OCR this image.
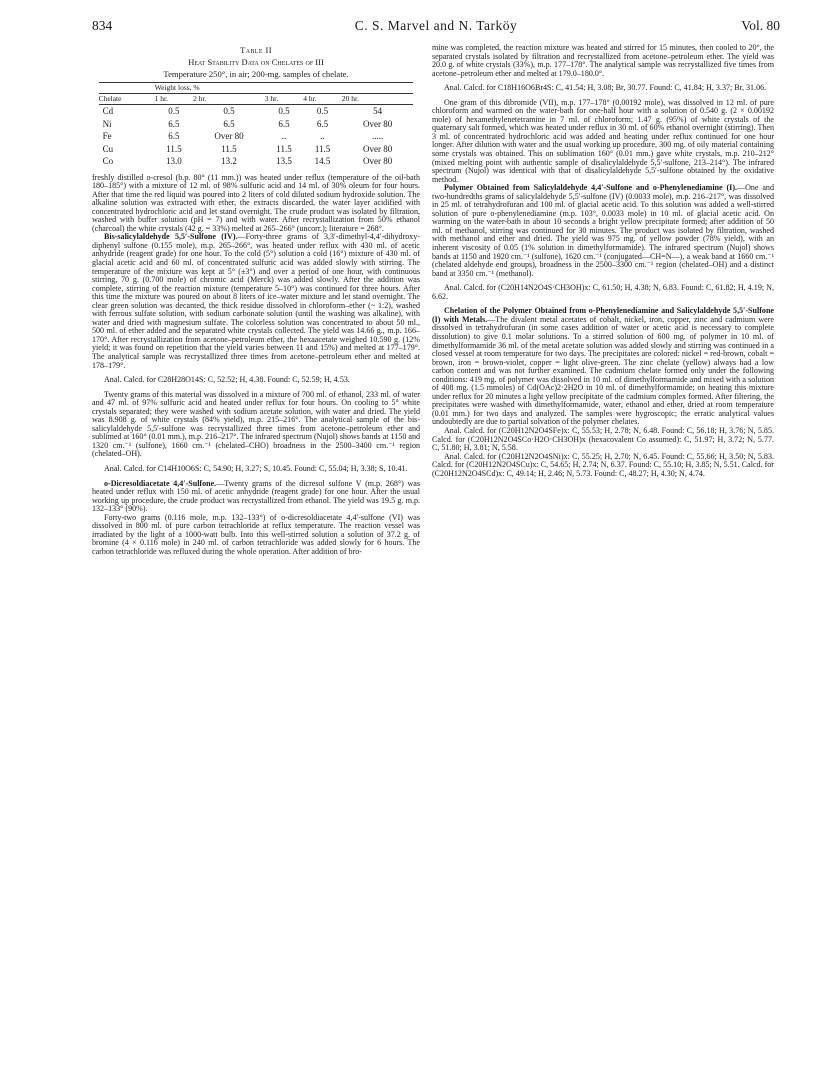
834	C. S. Marvel and N. Tarköy	Vol. 80
Table II
Heat Stability Data on Chelates of III
Temperature 250°, in air; 200-mg. samples of chelate.
	Weight loss, %				
Chelate	1 hr.	2 hr.	3 hr.	4 hr.	20 hr.
Cd	0.5	0.5	0.5	0.5	54
Ni	6.5	6.5	6.5	6.5	Over 80
Fe	6.5	Over 80	..	..	.....
Cu	11.5	11.5	11.5	11.5	Over 80
Co	13.0	13.2	13.5	14.5	Over 80

freshly distilled o-cresol (b.p. 80° (11 mm.)) was heated under reflux (temperature of the oil-bath 180–185°) with a mixture of 12 ml. of 98% sulfuric acid and 14 ml. of 30% oleum for four hours. After that time the red liquid was poured into 2 liters of cold diluted sodium hydroxide solution. The alkaline solution was extracted with ether, the extracts discarded, the water layer acidified with concentrated hydrochloric acid and let stand overnight. The crude product was isolated by filtration, washed with buffer solution (pH = 7) and with water. After recrystallization from 50% ethanol (charcoal) the white crystals (42 g. = 33%) melted at 265–266° (uncorr.); literature = 268°.

Bis-salicylaldehyde 5,5′-Sulfone (IV).—Forty-three grams of 3,3′-dimethyl-4,4′-dihydroxy-diphenyl sulfone (0.155 mole), m.p. 265–266°, was heated under reflux with 430 ml. of acetic anhydride (reagent grade) for one hour. To the cold (5°) solution a cold (16°) mixture of 430 ml. of glacial acetic acid and 60 ml. of concentrated sulfuric acid was added slowly with stirring. The temperature of the mixture was kept at 5° (±3°) and over a period of one hour, with continuous stirring, 70 g. (0.700 mole) of chromic acid (Merck) was added slowly. After the addition was complete, stirring of the reaction mixture (temperature 5–10°) was continued for three hours. After this time the mixture was poured on about 8 liters of ice–water mixture and let stand overnight. The clear green solution was decanted, the thick residue dissolved in chloroform–ether (~ 1:2), washed with ferrous sulfate solution, with sodium carbonate solution (until the washing was alkaline), with water and dried with magnesium sulfate. The colorless solution was concentrated to about 50 ml., 500 ml. of ether added and the separated white crystals collected. The yield was 14.66 g., m.p. 166–170°. After recrystallization from acetone–petroleum ether, the hexaacetate weighed 10.590 g. (12% yield; it was found on repetition that the yield varies between 11 and 15%) and melted at 177–179°. The analytical sample was recrystallized three times from acetone–petroleum ether and melted at 178–179°.

Anal. Calcd. for C28H28O14S: C, 52.52; H, 4.38. Found: C, 52.59; H, 4.53.

Twenty grams of this material was dissolved in a mixture of 700 ml. of ethanol, 233 ml. of water and 47 ml. of 97% sulfuric acid and heated under reflux for four hours. On cooling to 5° white crystals separated; they were washed with sodium acetate solution, with water and dried. The yield was 8.908 g. of white crystals (84% yield), m.p. 215–216°. The analytical sample of the bis-salicylaldehyde 5,5′-sulfone was recrystallized three times from acetone–petroleum ether and sublimed at 160° (0.01 mm.), m.p. 216–217°. The infrared spectrum (Nujol) shows bands at 1150 and 1320 cm.⁻¹ (sulfone), 1660 cm.⁻¹ (chelated–CHO) broadness in the 2500–3400 cm.⁻¹ region (chelated–OH).

Anal. Calcd. for C14H10O6S: C, 54.90; H, 3.27; S, 10.45. Found: C, 55.04; H, 3.38; S, 10.41.

o-Dicresoldiacetate 4,4′-Sulfone.—Twenty grams of the dicresol sulfone V (m.p. 268°) was heated under reflux with 150 ml. of acetic anhydride (reagent grade) for one hour. After the usual working up procedure, the crude product was recrystallized from ethanol. The yield was 19.5 g. m.p. 132–133° (90%).

Forty-two grams (0.116 mole, m.p. 132–133°) of o-dicresoldiacetate 4,4′-sulfone (VI) was dissolved in 800 ml. of pure carbon tetrachloride at reflux temperature. The reaction vessel was irradiated by the light of a 1000-watt bulb. Into this well-stirred solution a solution of 37.2 g. of bromine (4 × 0.116 mole) in 240 ml. of carbon tetrachloride was added slowly for 6 hours. The carbon tetrachloride was refluxed during the whole operation. After addition of bro-

mine was completed, the reaction mixture was heated and stirred for 15 minutes, then cooled to 20°, the separated crystals isolated by filtration and recrystallized from acetone–petroleum ether. The yield was 20.0 g. of white crystals (33%), m.p. 177–178°. The analytical sample was recrystallized five times from acetone–petroleum ether and melted at 179.0–180.0°.

Anal. Calcd. for C18H16O6Br4S: C, 41.54; H, 3.08; Br, 30.77. Found: C, 41.84; H, 3.37; Br, 31.06.

One gram of this dibromide (VII), m.p. 177–178° (0.00192 mole), was dissolved in 12 ml. of pure chloroform and warmed on the water-bath for one-half hour with a solution of 0.540 g. (2 × 0.00192 mole) of hexamethylenetetramine in 7 ml. of chloroform; 1.47 g. (95%) of white crystals of the quaternary salt formed, which was heated under reflux in 30 ml. of 60% ethanol overnight (stirring). Then 3 ml. of concentrated hydrochloric acid was added and heating under reflux continued for one hour longer. After dilution with water and the usual working up procedure, 300 mg. of oily material containing some crystals was obtained. This on sublimation 160° (0.01 mm.) gave white crystals, m.p. 210–212° (mixed melting point with authentic sample of disalicylaldehyde 5,5′-sulfone, 213–214°). The infrared spectrum (Nujol) was identical with that of disalicylaldehyde 5,5′-sulfone obtained by the oxidative method.

Polymer Obtained from Salicylaldehyde 4,4′-Sulfone and o-Phenylenediamine (I).—One and two-hundredths grams of salicylaldehyde 5,5′-sulfone (IV) (0.0033 mole), m.p. 216–217°, was dissolved in 25 ml. of tetrahydrofuran and 100 ml. of glacial acetic acid. To this solution was added a well-stirred solution of pure o-phenylenediamine (m.p. 103°, 0.0033 mole) in 10 ml. of glacial acetic acid. On warming on the water-bath in about 10 seconds a bright yellow precipitate formed; after addition of 50 ml. of methanol, stirring was continued for 30 minutes. The product was isolated by filtration, washed with methanol and ether and dried. The yield was 975 mg. of yellow powder (78% yield), with an inherent viscosity of 0.05 (1% solution in dimethylformamide). The infrared spectrum (Nujol) shows bands at 1150 and 1920 cm.⁻¹ (sulfone), 1620 cm.⁻¹ (conjugated—CH=N—), a weak band at 1660 cm.⁻¹ (chelated aldehyde end groups), broadness in the 2500–3300 cm.⁻¹ region (chelated–OH) and a distinct band at 3350 cm.⁻¹ (methanol).

Anal. Calcd. for (C20H14N2O4S·CH3OH)x: C, 61.50; H, 4.38; N, 6.83. Found: C, 61.82; H, 4.19; N, 6.62.

Chelation of the Polymer Obtained from o-Phenylenediamine and Salicylaldehyde 5,5′-Sulfone (I) with Metals.—The divalent metal acetates of cobalt, nickel, iron, copper, zinc and cadmium were dissolved in tetrahydrofuran (in some cases addition of water or acetic acid is necessary to complete dissolution) to give 0.1 molar solutions. To a stirred solution of 600 mg. of polymer in 10 ml. of dimethylformamide 36 ml. of the metal acetate solution was added slowly and stirring was continued in a closed vessel at room temperature for two days. The precipitates are colored: nickel = red-brown, cobalt = brown, iron = brown-violet, copper = light olive-green. The zinc chelate (yellow) always had a low carbon content and was not further examined. The cadmium chelate formed only under the following conditions: 419 mg. of polymer was dissolved in 10 ml. of dimethylformamide and mixed with a solution of 408 mg. (1.5 mmoles) of Cd(OAc)2·2H2O in 10 ml. of dimethylformamide; on heating this mixture under reflux for 20 minutes a light yellow precipitate of the cadmium complex formed. After filtering, the precipitates were washed with dimethylformamide, water, ethanol and ether, dried at room temperature (0.01 mm.) for two days and analyzed. The samples were hygroscopic; the erratic analytical values undoubtedly are due to partial solvation of the polymer chelates.

Anal. Calcd. for (C20H12N2O4SFe)x: C, 55.53; H, 2.78; N, 6.48. Found: C, 56.18; H, 3.76; N, 5.85. Calcd. for (C20H12N2O4SCo·H2O·CH3OH)x (hexacovalent Co assumed): C, 51.97; H, 3.72; N, 5.77. C, 51.80; H, 3.81; N, 5.58.

Anal. Calcd. for (C20H12N2O4SNi)x: C, 55.25; H, 2.70; N, 6.45. Found: C, 55.66; H, 3.50; N, 5.83. Calcd. for (C20H12N2O4SCu)x: C, 54.65; H, 2.74; N, 6.37. Found: C, 55.10; H, 3.85; N, 5.51. Calcd. for (C20H12N2O4SCd)x: C, 49.14; H, 2.46; N, 5.73. Found: C, 48.27; H, 4.30; N, 4.74.
